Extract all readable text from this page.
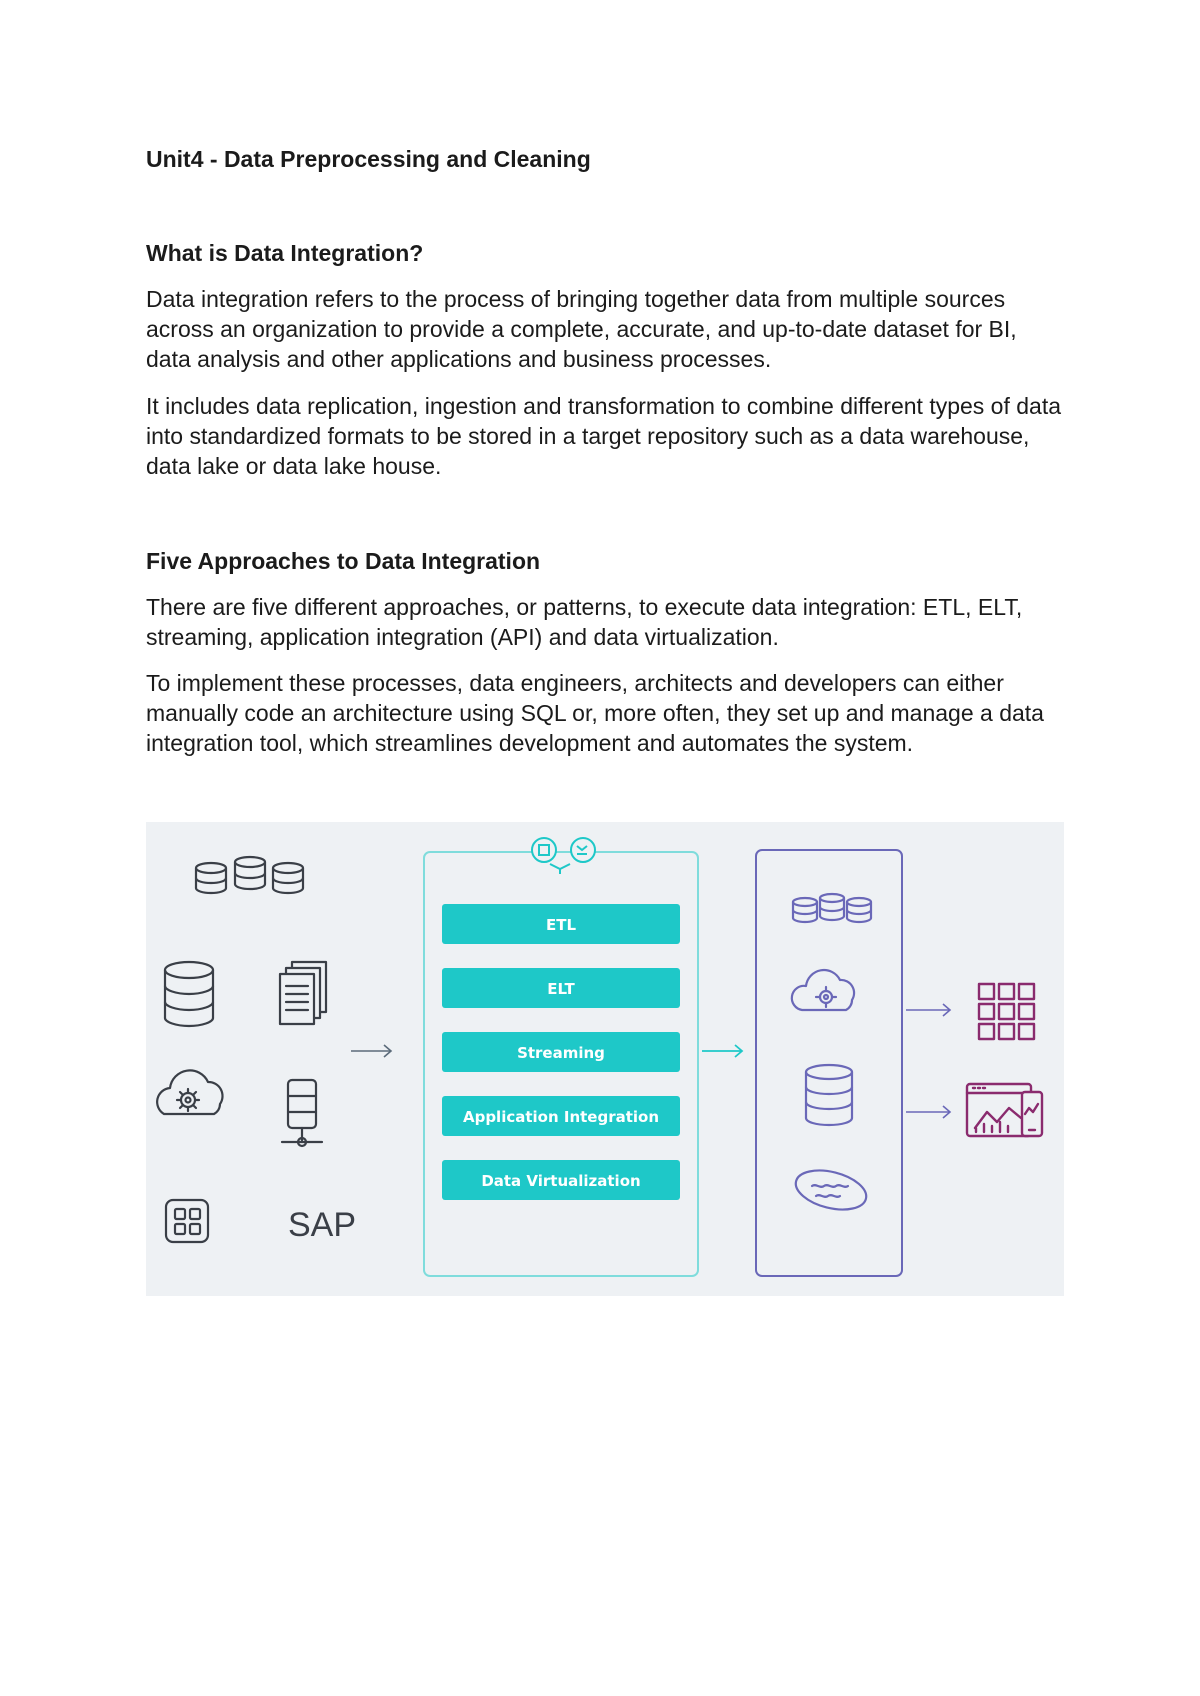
Unit4 - Data Preprocessing and Cleaning
What is Data Integration?

Data integration refers to the process of bringing together data from multiple sources across an organization to provide a complete, accurate, and up-to-date dataset for BI, data analysis and other applications and business processes.

It includes data replication, ingestion and transformation to combine different types of data into standardized formats to be stored in a target repository such as a data warehouse, data lake or data lake house.

Five Approaches to Data Integration

There are five different approaches, or patterns, to execute data integration: ETL, ELT, streaming, application integration (API) and data virtualization.

To implement these processes, data engineers, architects and developers can either manually code an architecture using SQL or, more often, they set up and manage a data integration tool, which streamlines development and automates the system.

SAP
ETL
ELT
Streaming
Application Integration
Data Virtualization
